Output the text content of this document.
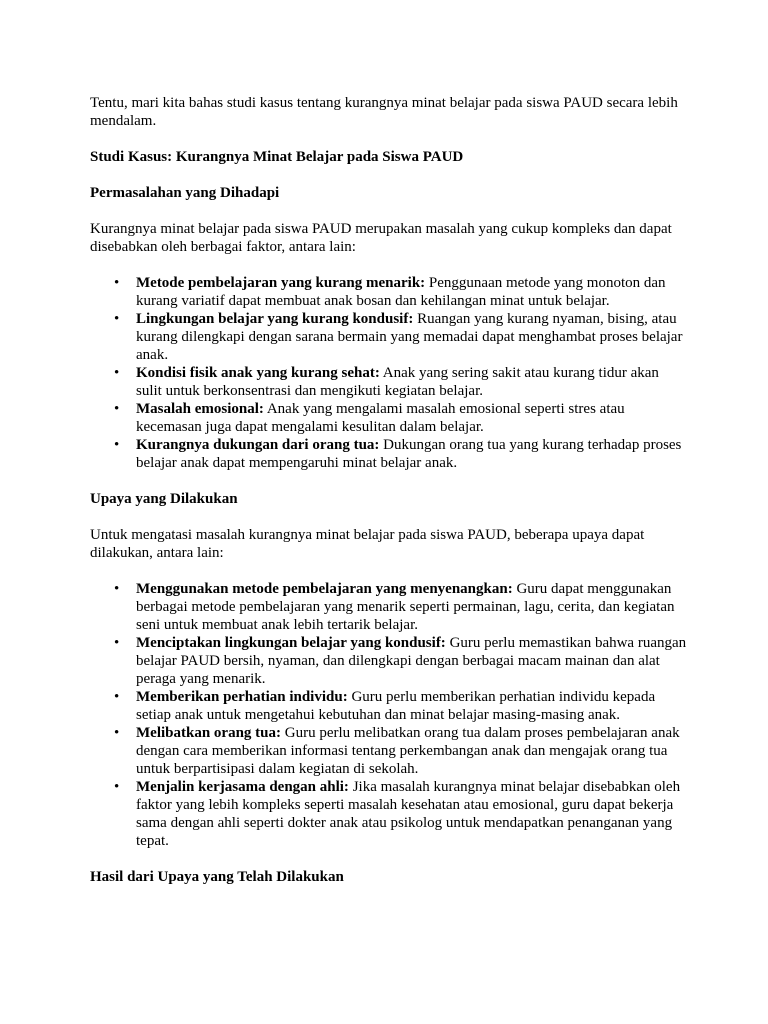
Tentu, mari kita bahas studi kasus tentang kurangnya minat belajar pada siswa PAUD secara lebih mendalam.

Studi Kasus: Kurangnya Minat Belajar pada Siswa PAUD

Permasalahan yang Dihadapi

Kurangnya minat belajar pada siswa PAUD merupakan masalah yang cukup kompleks dan dapat disebabkan oleh berbagai faktor, antara lain:

• Metode pembelajaran yang kurang menarik: Penggunaan metode yang monoton dan kurang variatif dapat membuat anak bosan dan kehilangan minat untuk belajar.
• Lingkungan belajar yang kurang kondusif: Ruangan yang kurang nyaman, bising, atau kurang dilengkapi dengan sarana bermain yang memadai dapat menghambat proses belajar anak.
• Kondisi fisik anak yang kurang sehat: Anak yang sering sakit atau kurang tidur akan sulit untuk berkonsentrasi dan mengikuti kegiatan belajar.
• Masalah emosional: Anak yang mengalami masalah emosional seperti stres atau kecemasan juga dapat mengalami kesulitan dalam belajar.
• Kurangnya dukungan dari orang tua: Dukungan orang tua yang kurang terhadap proses belajar anak dapat mempengaruhi minat belajar anak.

Upaya yang Dilakukan

Untuk mengatasi masalah kurangnya minat belajar pada siswa PAUD, beberapa upaya dapat dilakukan, antara lain:

• Menggunakan metode pembelajaran yang menyenangkan: Guru dapat menggunakan berbagai metode pembelajaran yang menarik seperti permainan, lagu, cerita, dan kegiatan seni untuk membuat anak lebih tertarik belajar.
• Menciptakan lingkungan belajar yang kondusif: Guru perlu memastikan bahwa ruangan belajar PAUD bersih, nyaman, dan dilengkapi dengan berbagai macam mainan dan alat peraga yang menarik.
• Memberikan perhatian individu: Guru perlu memberikan perhatian individu kepada setiap anak untuk mengetahui kebutuhan dan minat belajar masing-masing anak.
• Melibatkan orang tua: Guru perlu melibatkan orang tua dalam proses pembelajaran anak dengan cara memberikan informasi tentang perkembangan anak dan mengajak orang tua untuk berpartisipasi dalam kegiatan di sekolah.
• Menjalin kerjasama dengan ahli: Jika masalah kurangnya minat belajar disebabkan oleh faktor yang lebih kompleks seperti masalah kesehatan atau emosional, guru dapat bekerja sama dengan ahli seperti dokter anak atau psikolog untuk mendapatkan penanganan yang tepat.

Hasil dari Upaya yang Telah Dilakukan
